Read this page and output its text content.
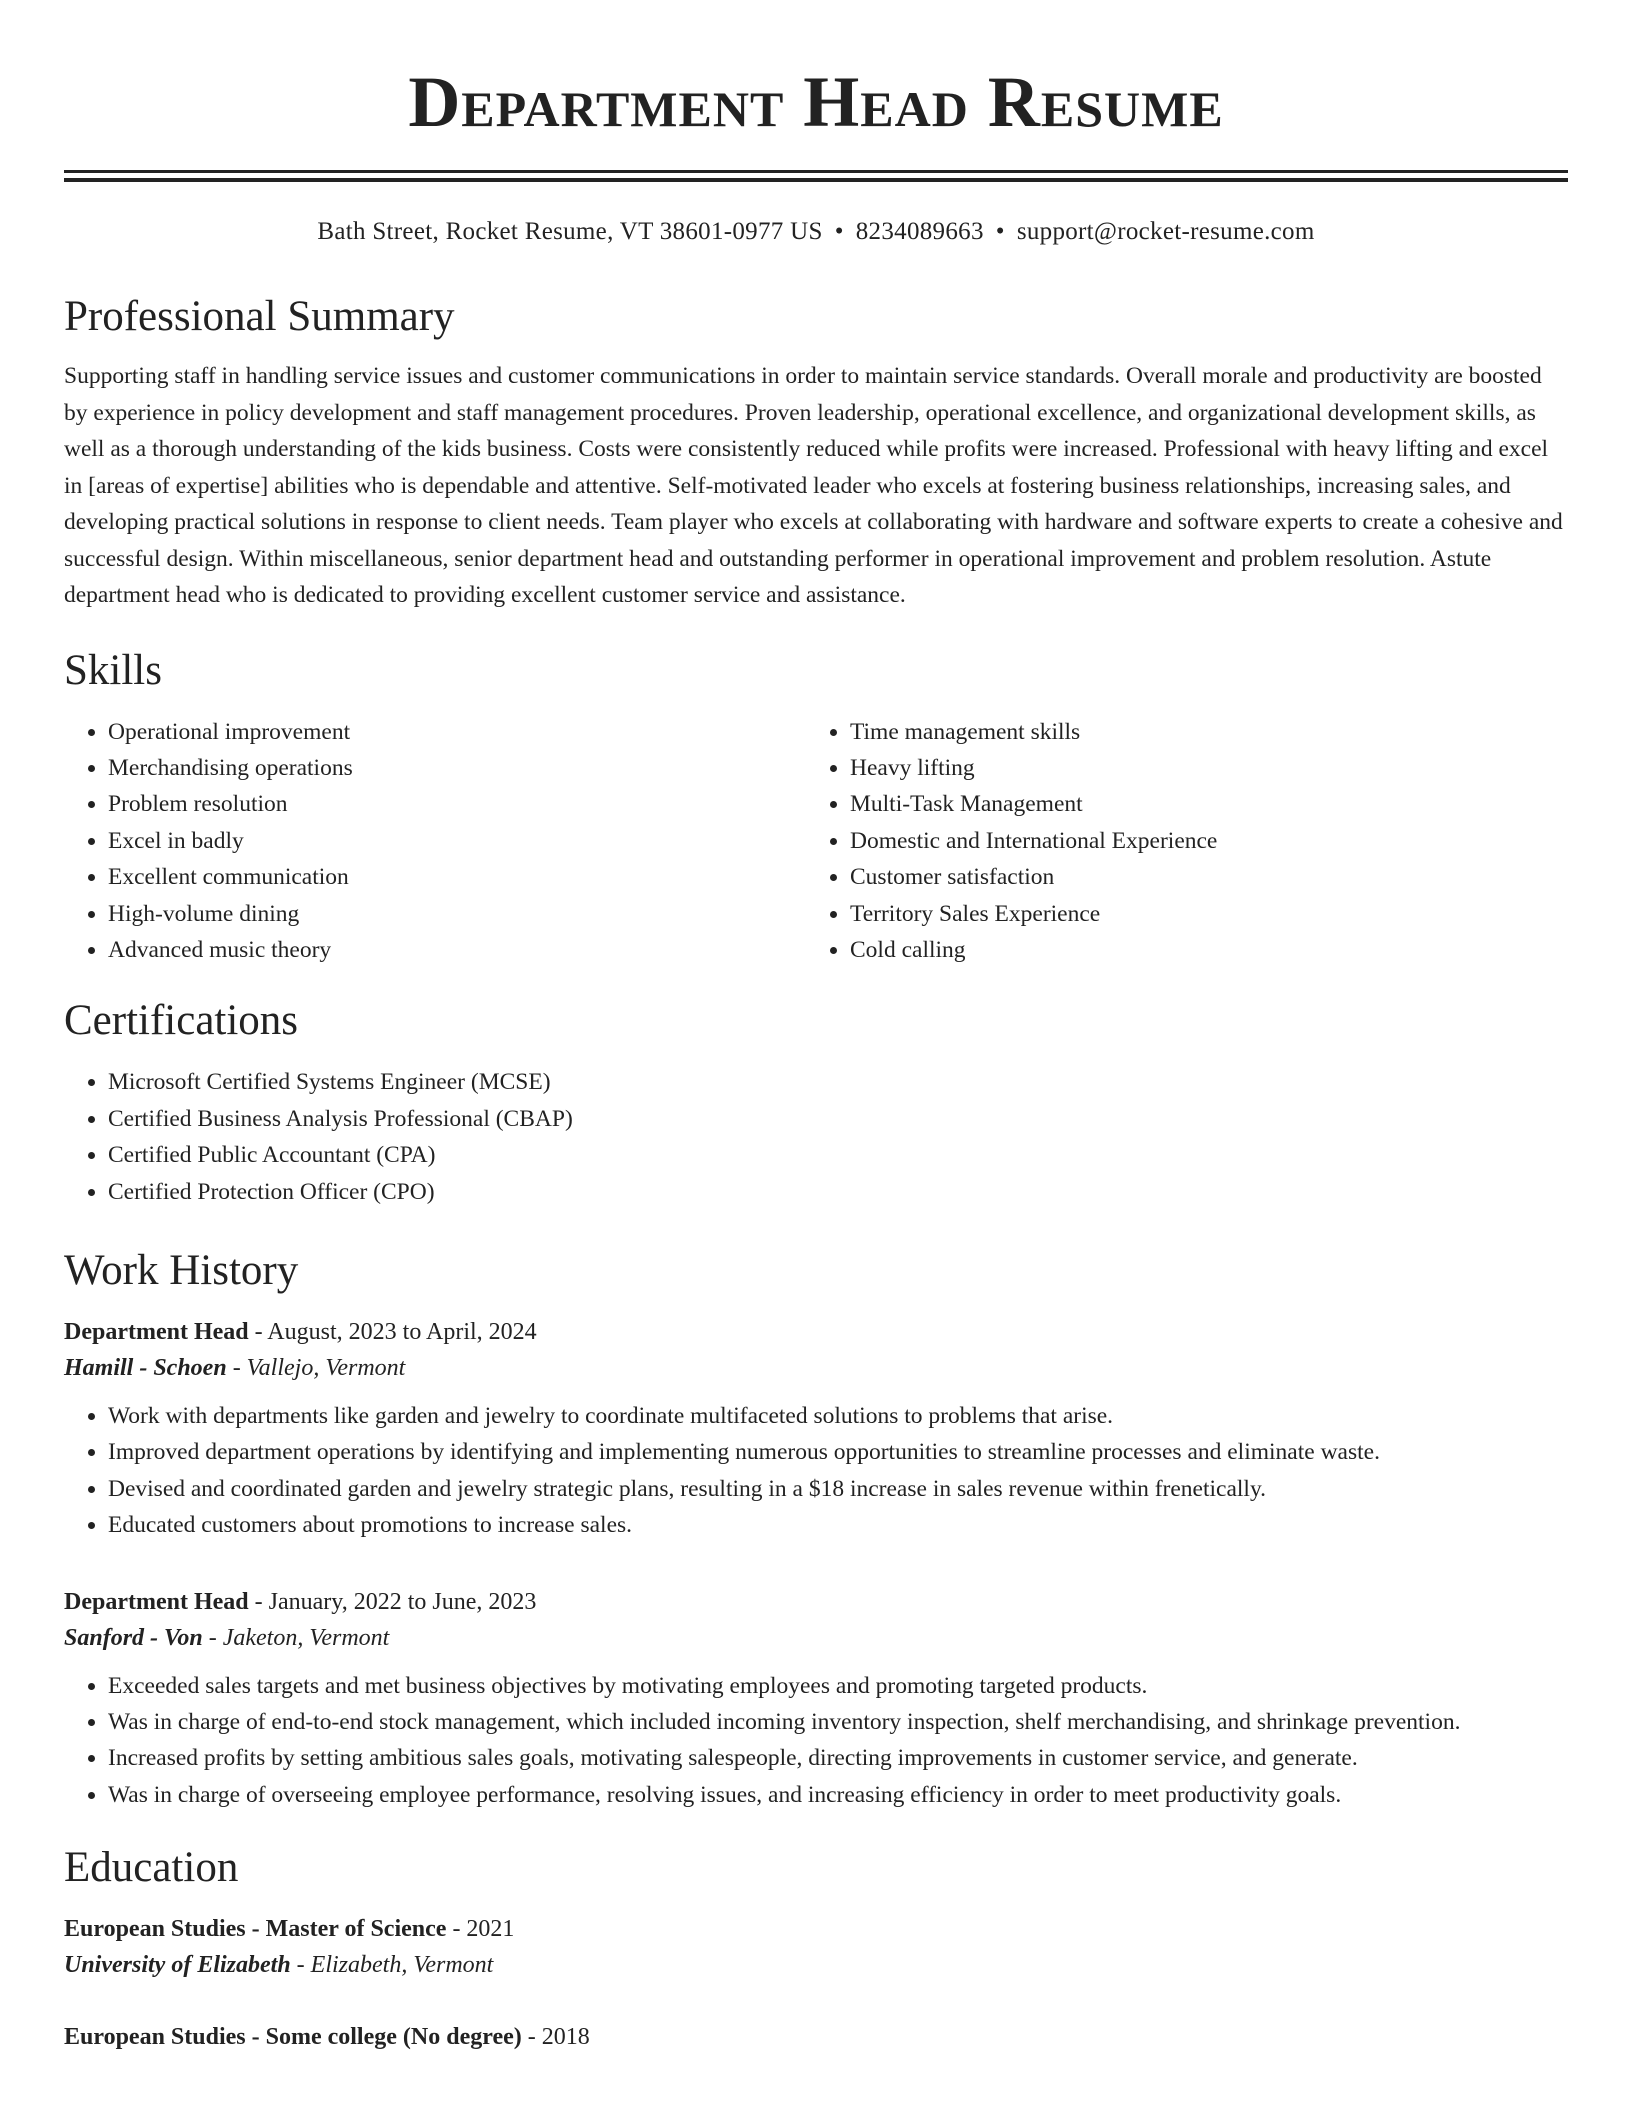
Department Head Resume
Bath Street, Rocket Resume, VT 38601-0977 US • 8234089663 • support@rocket-resume.com
Professional Summary

Supporting staff in handling service issues and customer communications in order to maintain service standards. Overall morale and productivity are boosted by experience in policy development and staff management procedures. Proven leadership, operational excellence, and organizational development skills, as well as a thorough understanding of the kids business. Costs were consistently reduced while profits were increased. Professional with heavy lifting and excel in [areas of expertise] abilities who is dependable and attentive. Self-motivated leader who excels at fostering business relationships, increasing sales, and developing practical solutions in response to client needs. Team player who excels at collaborating with hardware and software experts to create a cohesive and successful design. Within miscellaneous, senior department head and outstanding performer in operational improvement and problem resolution. Astute department head who is dedicated to providing excellent customer service and assistance.

Skills
• Operational improvement
• Merchandising operations
• Problem resolution
• Excel in badly
• Excellent communication
• High-volume dining
• Advanced music theory
• Time management skills
• Heavy lifting
• Multi-Task Management
• Domestic and International Experience
• Customer satisfaction
• Territory Sales Experience
• Cold calling
Certifications
• Microsoft Certified Systems Engineer (MCSE)
• Certified Business Analysis Professional (CBAP)
• Certified Public Accountant (CPA)
• Certified Protection Officer (CPO)
Work History
Department Head - August, 2023 to April, 2024
Hamill - Schoen - Vallejo, Vermont
• Work with departments like garden and jewelry to coordinate multifaceted solutions to problems that arise.
• Improved department operations by identifying and implementing numerous opportunities to streamline processes and eliminate waste.
• Devised and coordinated garden and jewelry strategic plans, resulting in a $18 increase in sales revenue within frenetically.
• Educated customers about promotions to increase sales.
Department Head - January, 2022 to June, 2023
Sanford - Von - Jaketon, Vermont
• Exceeded sales targets and met business objectives by motivating employees and promoting targeted products.
• Was in charge of end-to-end stock management, which included incoming inventory inspection, shelf merchandising, and shrinkage prevention.
• Increased profits by setting ambitious sales goals, motivating salespeople, directing improvements in customer service, and generate.
• Was in charge of overseeing employee performance, resolving issues, and increasing efficiency in order to meet productivity goals.
Education
European Studies - Master of Science - 2021
University of Elizabeth - Elizabeth, Vermont
European Studies - Some college (No degree) - 2018
